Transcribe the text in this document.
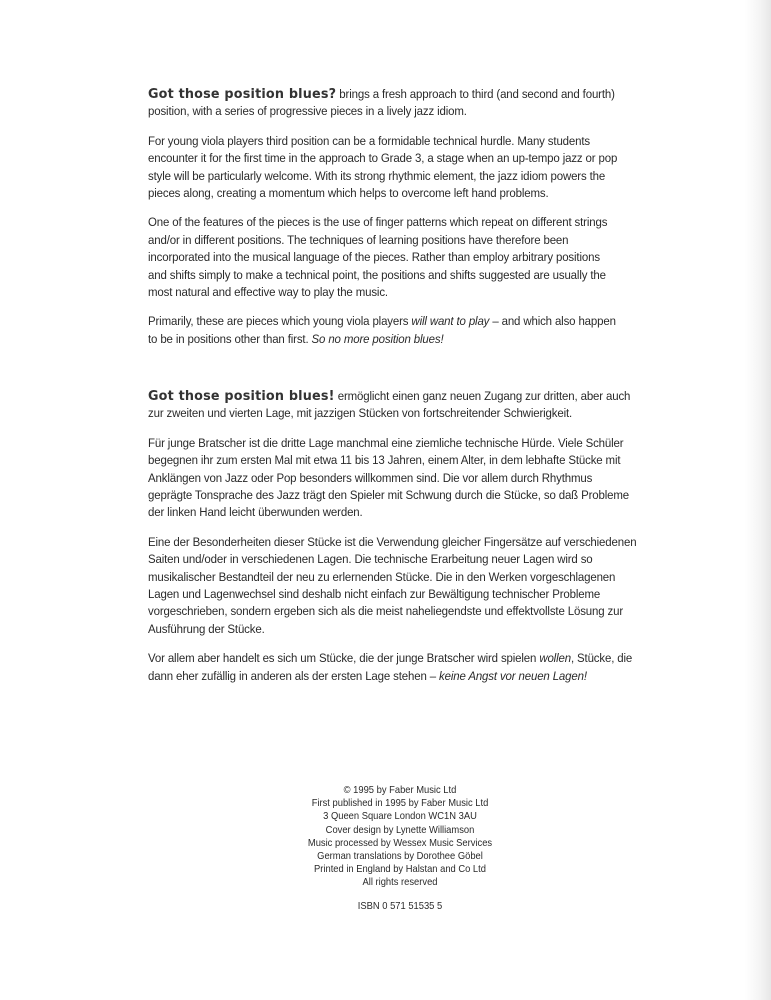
Got those position blues? brings a fresh approach to third (and second and fourth) position, with a series of progressive pieces in a lively jazz idiom.

For young viola players third position can be a formidable technical hurdle. Many students encounter it for the first time in the approach to Grade 3, a stage when an up-tempo jazz or pop style will be particularly welcome. With its strong rhythmic element, the jazz idiom powers the pieces along, creating a momentum which helps to overcome left hand problems.

One of the features of the pieces is the use of finger patterns which repeat on different strings and/or in different positions. The techniques of learning positions have therefore been incorporated into the musical language of the pieces. Rather than employ arbitrary positions and shifts simply to make a technical point, the positions and shifts suggested are usually the most natural and effective way to play the music.

Primarily, these are pieces which young viola players will want to play – and which also happen to be in positions other than first. So no more position blues!

Got those position blues! ermöglicht einen ganz neuen Zugang zur dritten, aber auch zur zweiten und vierten Lage, mit jazzigen Stücken von fortschreitender Schwierigkeit.

Für junge Bratscher ist die dritte Lage manchmal eine ziemliche technische Hürde. Viele Schüler begegnen ihr zum ersten Mal mit etwa 11 bis 13 Jahren, einem Alter, in dem lebhafte Stücke mit Anklängen von Jazz oder Pop besonders willkommen sind. Die vor allem durch Rhythmus geprägte Tonsprache des Jazz trägt den Spieler mit Schwung durch die Stücke, so daß Probleme der linken Hand leicht überwunden werden.

Eine der Besonderheiten dieser Stücke ist die Verwendung gleicher Fingersätze auf verschiedenen Saiten und/oder in verschiedenen Lagen. Die technische Erarbeitung neuer Lagen wird so musikalischer Bestandteil der neu zu erlernenden Stücke. Die in den Werken vorgeschlagenen Lagen und Lagenwechsel sind deshalb nicht einfach zur Bewältigung technischer Probleme vorgeschrieben, sondern ergeben sich als die meist naheliegendste und effektvollste Lösung zur Ausführung der Stücke.

Vor allem aber handelt es sich um Stücke, die der junge Bratscher wird spielen wollen, Stücke, die dann eher zufällig in anderen als der ersten Lage stehen – keine Angst vor neuen Lagen!

© 1995 by Faber Music Ltd
First published in 1995 by Faber Music Ltd
3 Queen Square London WC1N 3AU
Cover design by Lynette Williamson
Music processed by Wessex Music Services
German translations by Dorothee Göbel
Printed in England by Halstan and Co Ltd
All rights reserved
ISBN 0 571 51535 5
